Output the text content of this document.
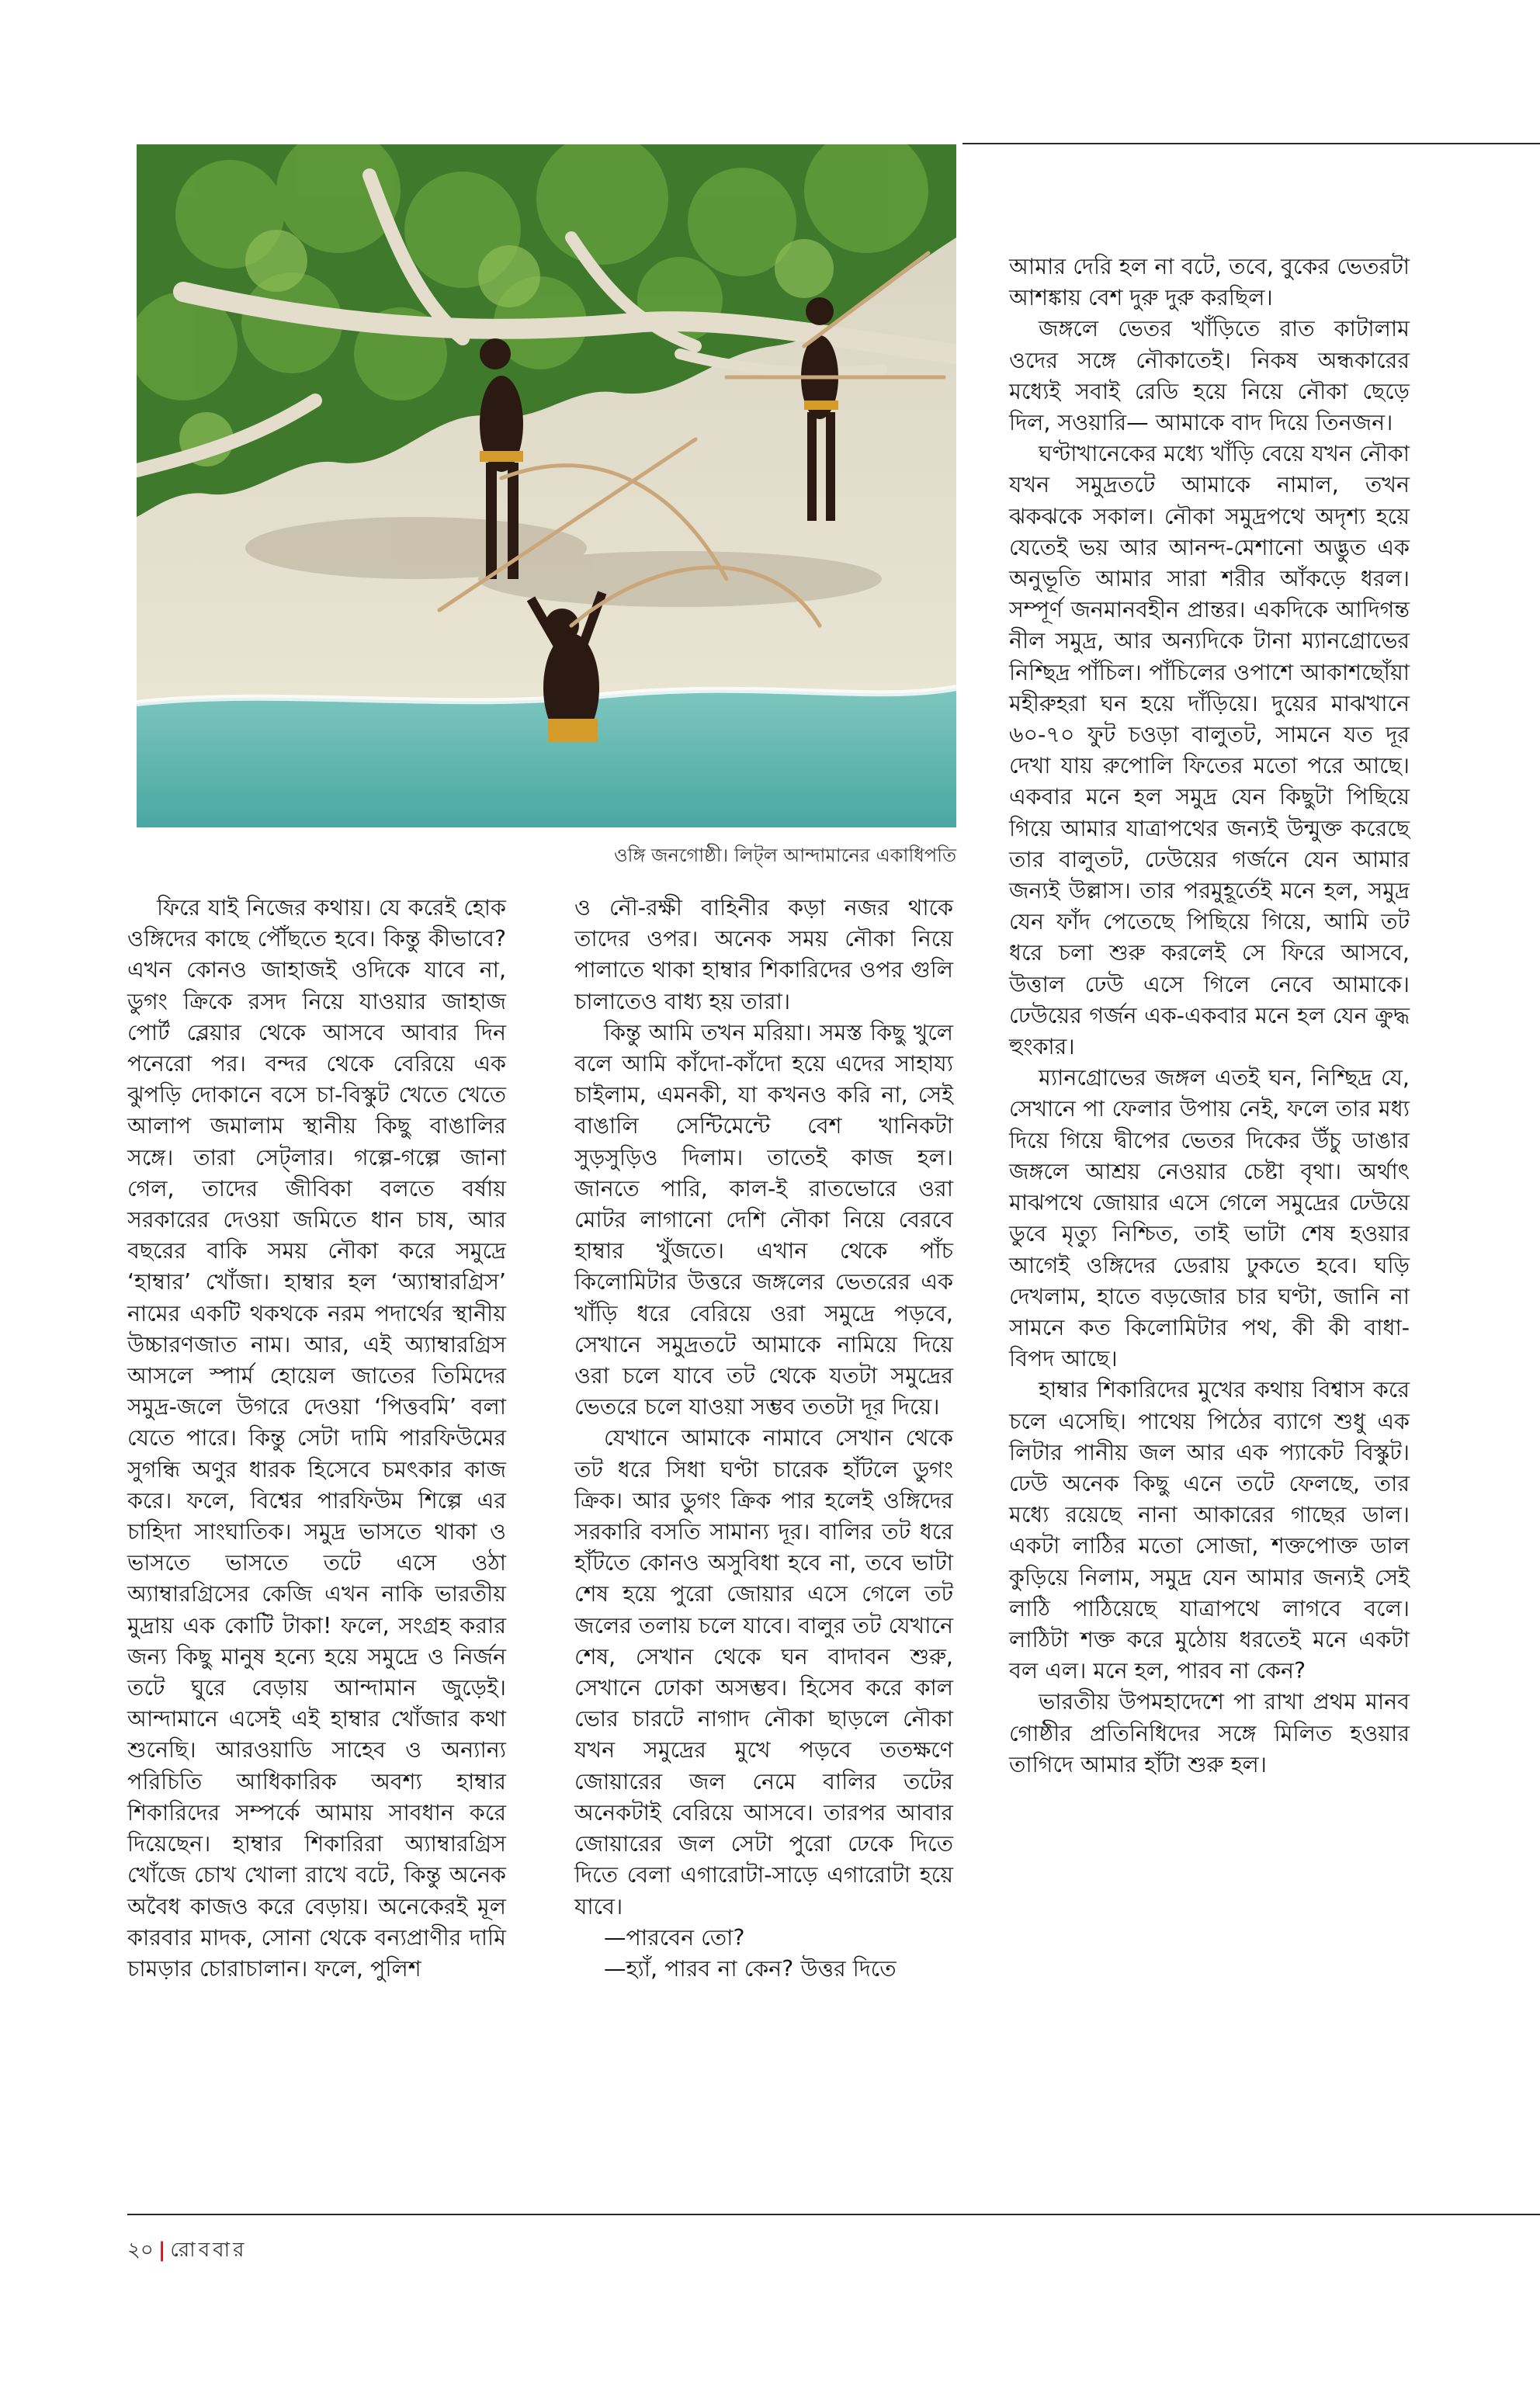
ওঙ্গি জনগোষ্ঠী। লিট্‌ল আন্দামানের একাধিপতি

ফিরে যাই নিজের কথায়। যে করেই হোক ওঙ্গিদের কাছে পৌঁছতে হবে। কিন্তু কীভাবে? এখন কোনও জাহাজই ওদিকে যাবে না, ডুগং ক্রিকে রসদ নিয়ে যাওয়ার জাহাজ পোর্ট ব্লেয়ার থেকে আসবে আবার দিন পনেরো পর। বন্দর থেকে বেরিয়ে এক ঝুপড়ি দোকানে বসে চা-বিস্কুট খেতে খেতে আলাপ জমালাম স্থানীয় কিছু বাঙালির সঙ্গে। তারা সেট্‌লার। গল্পে-গল্পে জানা গেল, তাদের জীবিকা বলতে বর্ষায় সরকারের দেওয়া জমিতে ধান চাষ, আর বছরের বাকি সময় নৌকা করে সমুদ্রে ‘হাম্বার’ খোঁজা। হাম্বার হল ‘অ্যাম্বারগ্রিস’ নামের একটি থকথকে নরম পদার্থের স্থানীয় উচ্চারণজাত নাম। আর, এই অ্যাম্বারগ্রিস আসলে স্পার্ম হোয়েল জাতের তিমিদের সমুদ্র-জলে উগরে দেওয়া ‘পিত্তবমি’ বলা যেতে পারে। কিন্তু সেটা দামি পারফিউমের সুগন্ধি অণুর ধারক হিসেবে চমৎকার কাজ করে। ফলে, বিশ্বের পারফিউম শিল্পে এর চাহিদা সাংঘাতিক। সমুদ্র ভাসতে থাকা ও ভাসতে ভাসতে তটে এসে ওঠা অ্যাম্বারগ্রিসের কেজি এখন নাকি ভারতীয় মুদ্রায় এক কোটি টাকা! ফলে, সংগ্রহ করার জন্য কিছু মানুষ হন্যে হয়ে সমুদ্রে ও নির্জন তটে ঘুরে বেড়ায় আন্দামান জুড়েই। আন্দামানে এসেই এই হাম্বার খোঁজার কথা শুনেছি। আরওয়াডি সাহেব ও অন্যান্য পরিচিতি আধিকারিক অবশ্য হাম্বার শিকারিদের সম্পর্কে আমায় সাবধান করে দিয়েছেন। হাম্বার শিকারিরা অ্যাম্বারগ্রিস খোঁজে চোখ খোলা রাখে বটে, কিন্তু অনেক অবৈধ কাজও করে বেড়ায়। অনেকেরই মূল কারবার মাদক, সোনা থেকে বন্যপ্রাণীর দামি চামড়ার চোরাচালান। ফলে, পুলিশ

ও নৌ-রক্ষী বাহিনীর কড়া নজর থাকে তাদের ওপর। অনেক সময় নৌকা নিয়ে পালাতে থাকা হাম্বার শিকারিদের ওপর গুলি চালাতেও বাধ্য হয় তারা।

কিন্তু আমি তখন মরিয়া। সমস্ত কিছু খুলে বলে আমি কাঁদো-কাঁদো হয়ে এদের সাহায্য চাইলাম, এমনকী, যা কখনও করি না, সেই বাঙালি সেন্টিমেন্টে বেশ খানিকটা সুড়সুড়িও দিলাম। তাতেই কাজ হল। জানতে পারি, কাল-ই রাতভোরে ওরা মোটর লাগানো দেশি নৌকা নিয়ে বেরবে হাম্বার খুঁজতে। এখান থেকে পাঁচ কিলোমিটার উত্তরে জঙ্গলের ভেতরের এক খাঁড়ি ধরে বেরিয়ে ওরা সমুদ্রে পড়বে, সেখানে সমুদ্রতটে আমাকে নামিয়ে দিয়ে ওরা চলে যাবে তট থেকে যতটা সমুদ্রের ভেতরে চলে যাওয়া সম্ভব ততটা দূর দিয়ে।

যেখানে আমাকে নামাবে সেখান থেকে তট ধরে সিধা ঘণ্টা চারেক হাঁটলে ডুগং ক্রিক। আর ডুগং ক্রিক পার হলেই ওঙ্গিদের সরকারি বসতি সামান্য দূর। বালির তট ধরে হাঁটতে কোনও অসুবিধা হবে না, তবে ভাটা শেষ হয়ে পুরো জোয়ার এসে গেলে তট জলের তলায় চলে যাবে। বালুর তট যেখানে শেষ, সেখান থেকে ঘন বাদাবন শুরু, সেখানে ঢোকা অসম্ভব। হিসেব করে কাল ভোর চারটে নাগাদ নৌকা ছাড়লে নৌকা যখন সমুদ্রের মুখে পড়বে ততক্ষণে জোয়ারের জল নেমে বালির তটের অনেকটাই বেরিয়ে আসবে। তারপর আবার জোয়ারের জল সেটা পুরো ঢেকে দিতে দিতে বেলা এগারোটা-সাড়ে এগারোটা হয়ে যাবে।

—পারবেন তো?

—হ্যাঁ, পারব না কেন? উত্তর দিতে

আমার দেরি হল না বটে, তবে, বুকের ভেতরটা আশঙ্কায় বেশ দুরু দুরু করছিল।

জঙ্গলে ভেতর খাঁড়িতে রাত কাটালাম ওদের সঙ্গে নৌকাতেই। নিকষ অন্ধকারের মধ্যেই সবাই রেডি হয়ে নিয়ে নৌকা ছেড়ে দিল, সওয়ারি— আমাকে বাদ দিয়ে তিনজন।

ঘণ্টাখানেকের মধ্যে খাঁড়ি বেয়ে যখন নৌকা যখন সমুদ্রতটে আমাকে নামাল, তখন ঝকঝকে সকাল। নৌকা সমুদ্রপথে অদৃশ্য হয়ে যেতেই ভয় আর আনন্দ-মেশানো অদ্ভুত এক অনুভূতি আমার সারা শরীর আঁকড়ে ধরল। সম্পূর্ণ জনমানবহীন প্রান্তর। একদিকে আদিগন্ত নীল সমুদ্র, আর অন্যদিকে টানা ম্যানগ্রোভের নিশ্ছিদ্র পাঁচিল। পাঁচিলের ওপাশে আকাশছোঁয়া মহীরুহরা ঘন হয়ে দাঁড়িয়ে। দুয়ের মাঝখানে ৬০-৭০ ফুট চওড়া বালুতট, সামনে যত দূর দেখা যায় রুপোলি ফিতের মতো পরে আছে। একবার মনে হল সমুদ্র যেন কিছুটা পিছিয়ে গিয়ে আমার যাত্রাপথের জন্যই উন্মুক্ত করেছে তার বালুতট, ঢেউয়ের গর্জনে যেন আমার জন্যই উল্লাস। তার পরমুহূর্তেই মনে হল, সমুদ্র যেন ফাঁদ পেতেছে পিছিয়ে গিয়ে, আমি তট ধরে চলা শুরু করলেই সে ফিরে আসবে, উত্তাল ঢেউ এসে গিলে নেবে আমাকে। ঢেউয়ের গর্জন এক-একবার মনে হল যেন ক্রুদ্ধ হুংকার।

ম্যানগ্রোভের জঙ্গল এতই ঘন, নিশ্ছিদ্র যে, সেখানে পা ফেলার উপায় নেই, ফলে তার মধ্য দিয়ে গিয়ে দ্বীপের ভেতর দিকের উঁচু ডাঙার জঙ্গলে আশ্রয় নেওয়ার চেষ্টা বৃথা। অর্থাৎ মাঝপথে জোয়ার এসে গেলে সমুদ্রের ঢেউয়ে ডুবে মৃত্যু নিশ্চিত, তাই ভাটা শেষ হওয়ার আগেই ওঙ্গিদের ডেরায় ঢুকতে হবে। ঘড়ি দেখলাম, হাতে বড়জোর চার ঘণ্টা, জানি না সামনে কত কিলোমিটার পথ, কী কী বাধা-বিপদ আছে।

হাম্বার শিকারিদের মুখের কথায় বিশ্বাস করে চলে এসেছি। পাথেয় পিঠের ব্যাগে শুধু এক লিটার পানীয় জল আর এক প্যাকেট বিস্কুট। ঢেউ অনেক কিছু এনে তটে ফেলছে, তার মধ্যে রয়েছে নানা আকারের গাছের ডাল। একটা লাঠির মতো সোজা, শক্তপোক্ত ডাল কুড়িয়ে নিলাম, সমুদ্র যেন আমার জন্যই সেই লাঠি পাঠিয়েছে যাত্রাপথে লাগবে বলে। লাঠিটা শক্ত করে মুঠোয় ধরতেই মনে একটা বল এল। মনে হল, পারব না কেন?

ভারতীয় উপমহাদেশে পা রাখা প্রথম মানব গোষ্ঠীর প্রতিনিধিদের সঙ্গে মিলিত হওয়ার তাগিদে আমার হাঁটা শুরু হল।

২০ | রোববার
